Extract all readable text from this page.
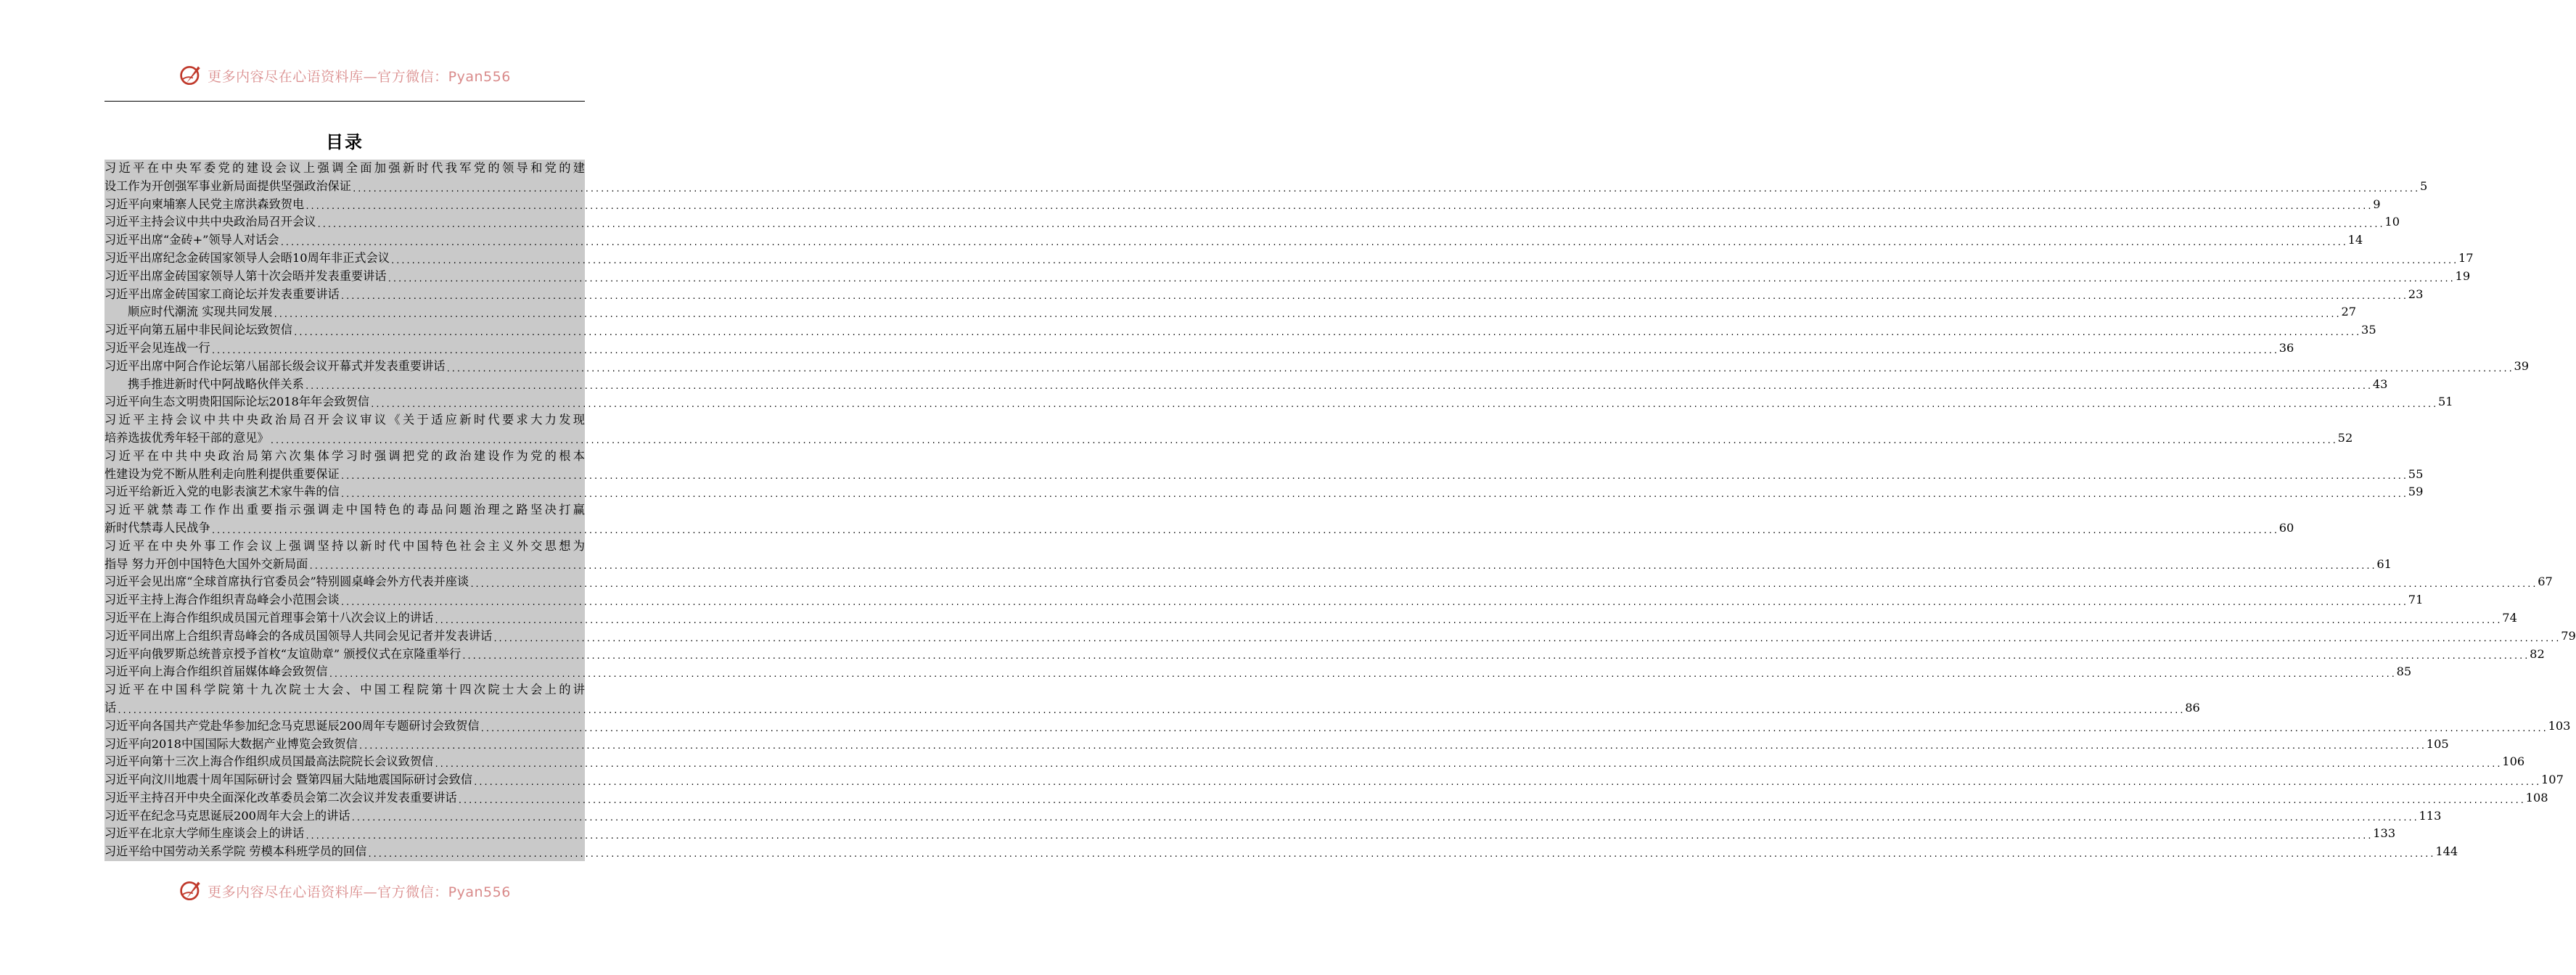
更多内容尽在心语资料库—官方微信：Pyan556
目录
习近平在中央军委党的建设会议上强调全面加强新时代我军党的领导和党的建
设工作为开创强军事业新局面提供坚强政治保证 ................................................................................................................................................................................................................................................................................................................................................................................................................ 5
习近平向柬埔寨人民党主席洪森致贺电 ................................................................................................................................................................................................................................................................................................................................................................................................................ 9
习近平主持会议中共中央政治局召开会议 ................................................................................................................................................................................................................................................................................................................................................................................................................ 10
习近平出席“金砖+”领导人对话会 ................................................................................................................................................................................................................................................................................................................................................................................................................ 14
习近平出席纪念金砖国家领导人会晤10周年非正式会议 ................................................................................................................................................................................................................................................................................................................................................................................................................ 17
习近平出席金砖国家领导人第十次会晤并发表重要讲话 ................................................................................................................................................................................................................................................................................................................................................................................................................ 19
习近平出席金砖国家工商论坛并发表重要讲话 ................................................................................................................................................................................................................................................................................................................................................................................................................ 23
顺应时代潮流 实现共同发展 ................................................................................................................................................................................................................................................................................................................................................................................................................ 27
习近平向第五届中非民间论坛致贺信 ................................................................................................................................................................................................................................................................................................................................................................................................................ 35
习近平会见连战一行 ................................................................................................................................................................................................................................................................................................................................................................................................................ 36
习近平出席中阿合作论坛第八届部长级会议开幕式并发表重要讲话 ................................................................................................................................................................................................................................................................................................................................................................................................................ 39
携手推进新时代中阿战略伙伴关系 ................................................................................................................................................................................................................................................................................................................................................................................................................ 43
习近平向生态文明贵阳国际论坛2018年年会致贺信 ................................................................................................................................................................................................................................................................................................................................................................................................................ 51
习近平主持会议中共中央政治局召开会议审议《关于适应新时代要求大力发现
培养选拔优秀年轻干部的意见》 ................................................................................................................................................................................................................................................................................................................................................................................................................ 52
习近平在中共中央政治局第六次集体学习时强调把党的政治建设作为党的根本
性建设为党不断从胜利走向胜利提供重要保证 ................................................................................................................................................................................................................................................................................................................................................................................................................ 55
习近平给新近入党的电影表演艺术家牛犇的信 ................................................................................................................................................................................................................................................................................................................................................................................................................ 59
习近平就禁毒工作作出重要指示强调走中国特色的毒品问题治理之路坚决打赢
新时代禁毒人民战争 ................................................................................................................................................................................................................................................................................................................................................................................................................ 60
习近平在中央外事工作会议上强调坚持以新时代中国特色社会主义外交思想为
指导 努力开创中国特色大国外交新局面 ................................................................................................................................................................................................................................................................................................................................................................................................................ 61
习近平会见出席“全球首席执行官委员会”特别圆桌峰会外方代表并座谈 ................................................................................................................................................................................................................................................................................................................................................................................................................ 67
习近平主持上海合作组织青岛峰会小范围会谈 ................................................................................................................................................................................................................................................................................................................................................................................................................ 71
习近平在上海合作组织成员国元首理事会第十八次会议上的讲话 ................................................................................................................................................................................................................................................................................................................................................................................................................ 74
习近平同出席上合组织青岛峰会的各成员国领导人共同会见记者并发表讲话 ................................................................................................................................................................................................................................................................................................................................................................................................................ 79
习近平向俄罗斯总统普京授予首枚“友谊勋章” 颁授仪式在京隆重举行 ................................................................................................................................................................................................................................................................................................................................................................................................................ 82
习近平向上海合作组织首届媒体峰会致贺信 ................................................................................................................................................................................................................................................................................................................................................................................................................ 85
习近平在中国科学院第十九次院士大会、中国工程院第十四次院士大会上的讲
话 ................................................................................................................................................................................................................................................................................................................................................................................................................ 86
习近平向各国共产党赴华参加纪念马克思诞辰200周年专题研讨会致贺信 ................................................................................................................................................................................................................................................................................................................................................................................................................ 103
习近平向2018中国国际大数据产业博览会致贺信 ................................................................................................................................................................................................................................................................................................................................................................................................................ 105
习近平向第十三次上海合作组织成员国最高法院院长会议致贺信 ................................................................................................................................................................................................................................................................................................................................................................................................................ 106
习近平向汶川地震十周年国际研讨会 暨第四届大陆地震国际研讨会致信 ................................................................................................................................................................................................................................................................................................................................................................................................................ 107
习近平主持召开中央全面深化改革委员会第二次会议并发表重要讲话 ................................................................................................................................................................................................................................................................................................................................................................................................................ 108
习近平在纪念马克思诞辰200周年大会上的讲话 ................................................................................................................................................................................................................................................................................................................................................................................................................ 113
习近平在北京大学师生座谈会上的讲话 ................................................................................................................................................................................................................................................................................................................................................................................................................ 133
习近平给中国劳动关系学院 劳模本科班学员的回信 ................................................................................................................................................................................................................................................................................................................................................................................................................ 144
更多内容尽在心语资料库—官方微信：Pyan556
